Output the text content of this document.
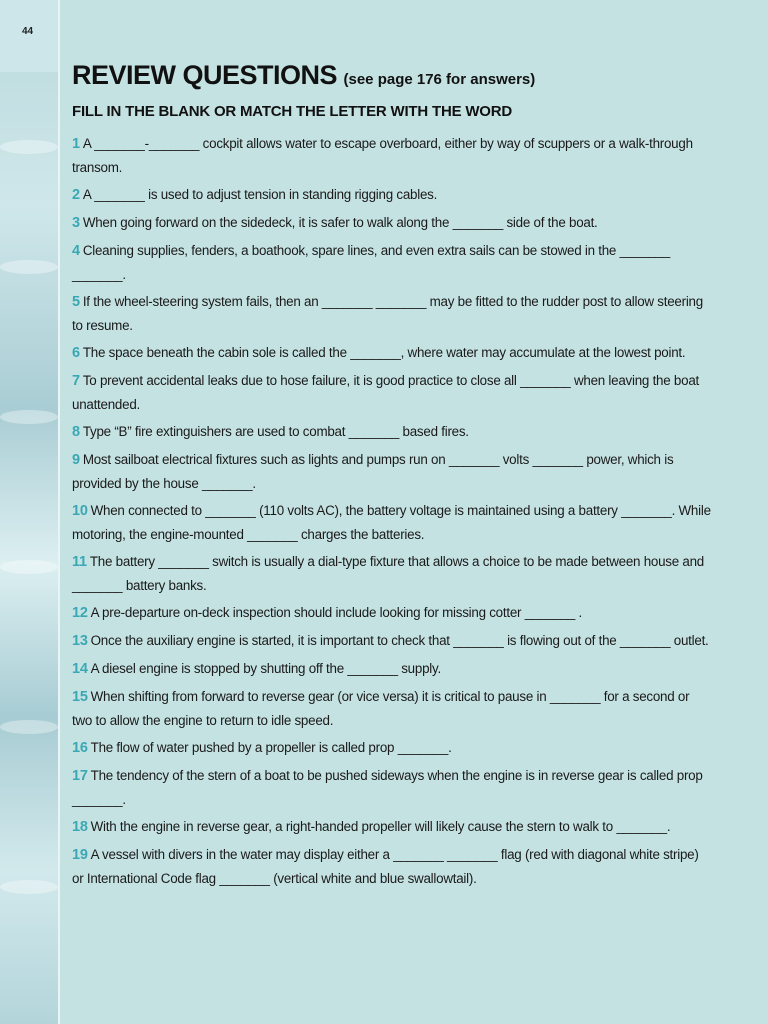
44
REVIEW QUESTIONS (see page 176 for answers)
FILL IN THE BLANK OR MATCH THE LETTER WITH THE WORD
1 A _______-_______ cockpit allows water to escape overboard, either by way of scuppers or a walk-through transom.
2 A _______ is used to adjust tension in standing rigging cables.
3 When going forward on the sidedeck, it is safer to walk along the _______ side of the boat.
4 Cleaning supplies, fenders, a boathook, spare lines, and even extra sails can be stowed in the _______ _______.
5 If the wheel-steering system fails, then an _______ _______ may be fitted to the rudder post to allow steering to resume.
6 The space beneath the cabin sole is called the _______, where water may accumulate at the lowest point.
7 To prevent accidental leaks due to hose failure, it is good practice to close all _______ when leaving the boat unattended.
8 Type “B” fire extinguishers are used to combat _______ based fires.
9 Most sailboat electrical fixtures such as lights and pumps run on _______ volts _______ power, which is provided by the house _______.
10 When connected to _______ (110 volts AC), the battery voltage is maintained using a battery _______. While motoring, the engine-mounted _______ charges the batteries.
11 The battery _______ switch is usually a dial-type fixture that allows a choice to be made between house and _______ battery banks.
12 A pre-departure on-deck inspection should include looking for missing cotter _______ .
13 Once the auxiliary engine is started, it is important to check that _______ is flowing out of the _______ outlet.
14 A diesel engine is stopped by shutting off the _______ supply.
15 When shifting from forward to reverse gear (or vice versa) it is critical to pause in _______ for a second or two to allow the engine to return to idle speed.
16 The flow of water pushed by a propeller is called prop _______.
17 The tendency of the stern of a boat to be pushed sideways when the engine is in reverse gear is called prop _______.
18 With the engine in reverse gear, a right-handed propeller will likely cause the stern to walk to _______.
19 A vessel with divers in the water may display either a _______ _______ flag (red with diagonal white stripe) or International Code flag _______ (vertical white and blue swallowtail).
